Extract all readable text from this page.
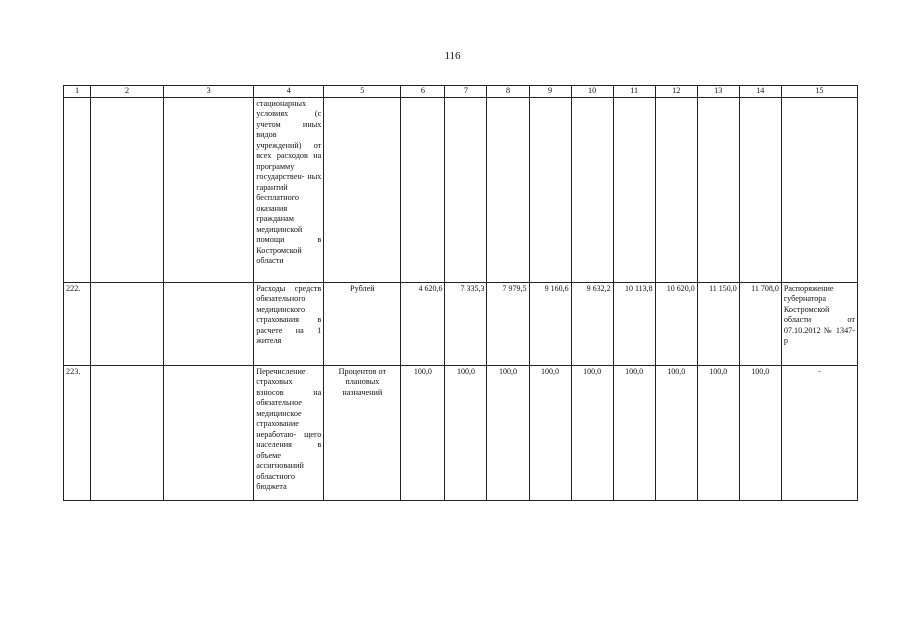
116
1	2	3	4	5	6	7	8	9	10	11	12	13	14	15
			стационарных условиях (с учетом иных видов учреждений) от всех расходов на программу государствен- ных гарантий бесплатного оказания гражданам медицинской помощи в Костромской области											
222.			Расходы средств обязательного медицинского страхования в расчете на 1 жителя	Рублей	4 620,6	7 335,3	7 979,5	9 160,6	9 632,2	10 113,8	10 620,0	11 150,0	11 708,0	Распоряжение губернатора Костромской области от 07.10.2012 № 1347-р
223.			Перечисление страховых взносов на обязательное медицинское страхование неработаю- щего населения в объеме ассигнований областного бюджета	Процентов от плановых назначений	100,0	100,0	100,0	100,0	100,0	100,0	100,0	100,0	100,0	-
